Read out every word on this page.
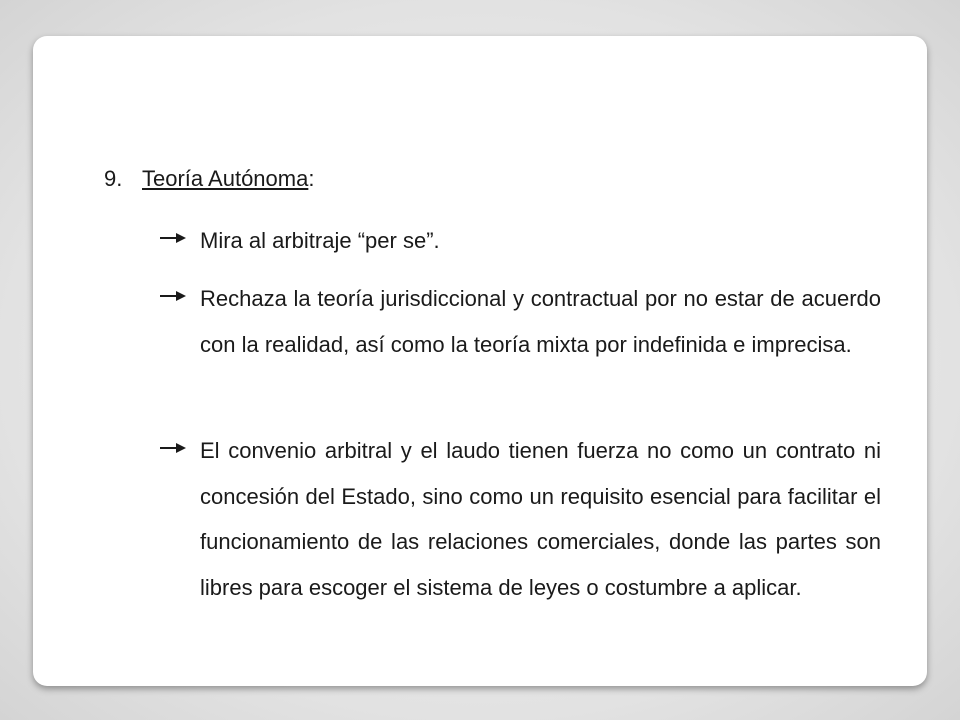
9. Teoría Autónoma:
Mira al arbitraje “per se”.
Rechaza la teoría jurisdiccional y contractual por no estar de acuerdo con la realidad, así como la teoría mixta por indefinida e imprecisa.
El convenio arbitral y el laudo tienen fuerza no como un contrato ni concesión del Estado, sino como un requisito esencial para facilitar el funcionamiento de las relaciones comerciales, donde las partes son libres para escoger el sistema de leyes o costumbre a aplicar.
